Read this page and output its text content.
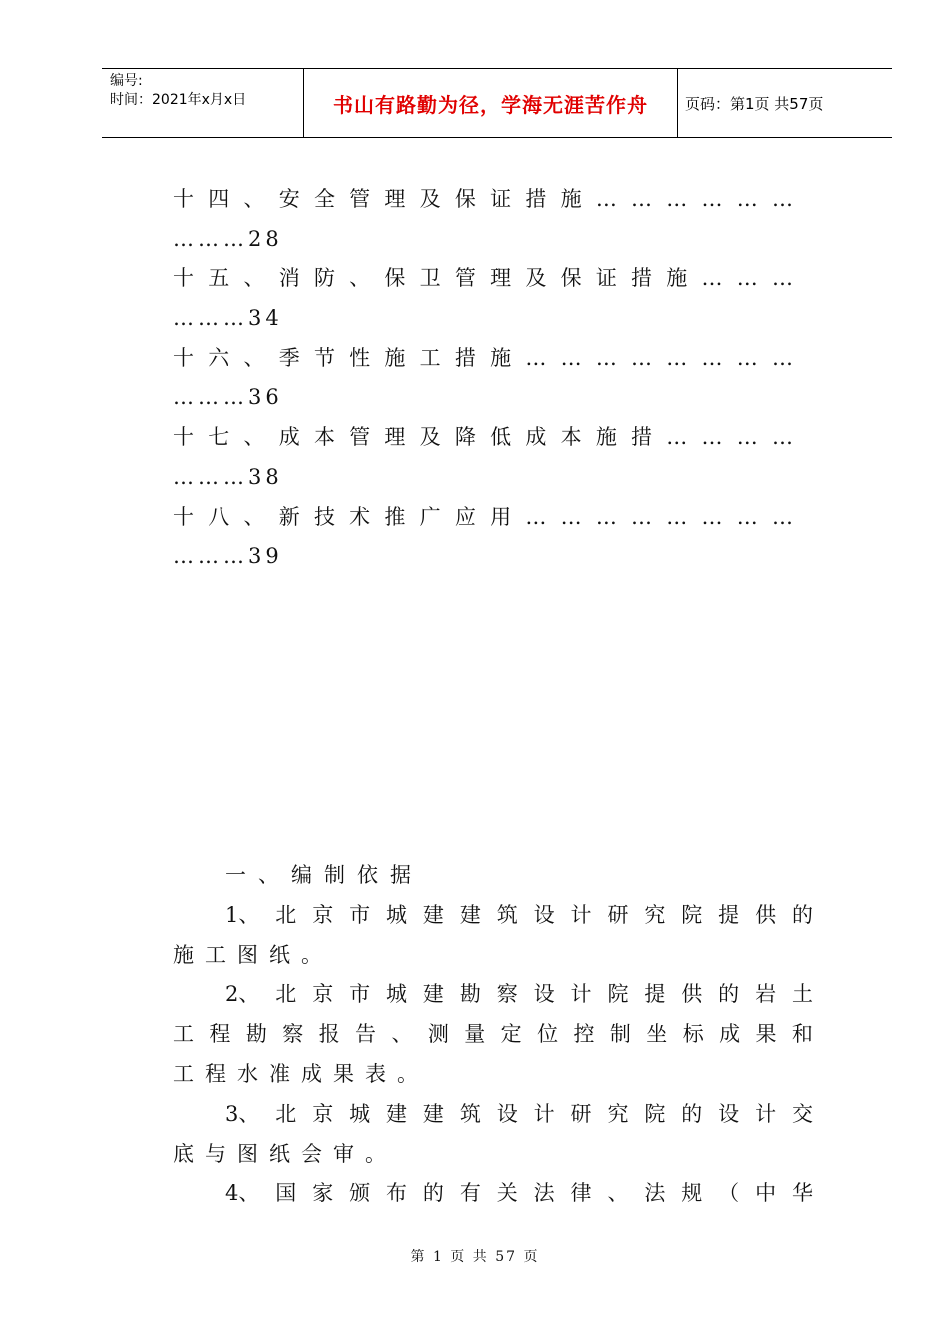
编号:
时间：2021年x月x日	书山有路勤为径，学海无涯苦作舟	页码：第1页 共57页
十 四 、 安 全 管 理 及 保 证 措 施 … … … … … …
………28
十 五 、 消 防 、 保 卫 管 理 及 保 证 措 施 … … …
………34
十 六 、 季 节 性 施 工 措 施 … … … … … … … …
………36
十 七 、 成 本 管 理 及 降 低 成 本 施 措 … … … …
………38
十 八 、 新 技 术 推 广 应 用 … … … … … … … …
………39
一、编制依据
1、 北 京 市 城 建 建 筑 设 计 研 究 院 提 供 的
施工图纸。
2、 北 京 市 城 建 勘 察 设 计 院 提 供 的 岩 土
工 程 勘 察 报 告 、 测 量 定 位 控 制 坐 标 成 果 和
工程水准成果表。
3、 北 京 城 建 建 筑 设 计 研 究 院 的 设 计 交
底与图纸会审。
4、 国 家 颁 布 的 有 关 法 律 、 法 规 （ 中 华
第 1 页 共 57 页
